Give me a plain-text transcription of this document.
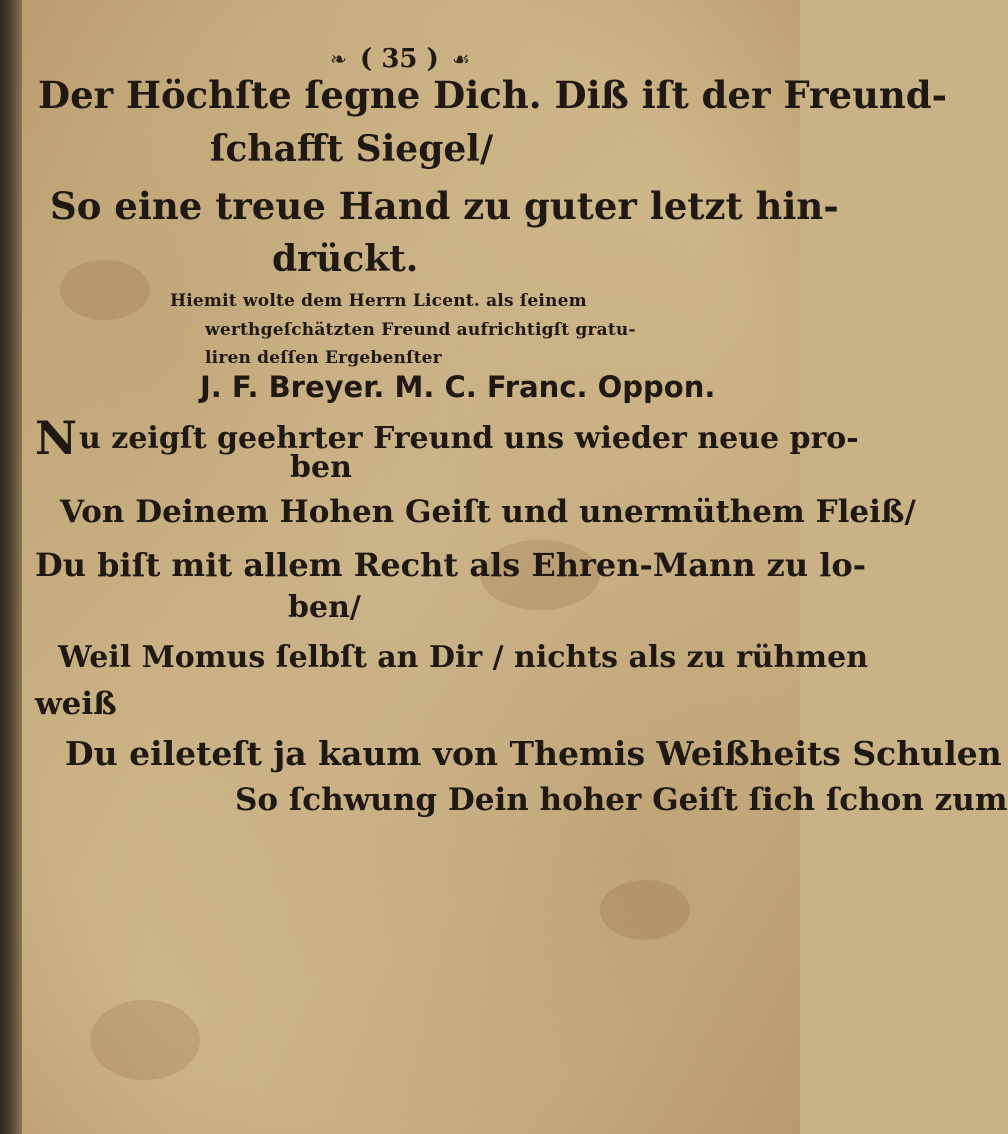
❧ ( 35 ) ☙
Der Höchſte ſegne Dich. Diß iſt der Freund-
ſchafft Siegel/
So eine treue Hand zu guter letzt hin-
drückt.
Hiemit wolte dem Herrn Licent. als ſeinem
werthgeſchätzten Freund aufrichtigſt gratu-
liren deſſen Ergebenſter
J. F. Breyer. M. C. Franc. Oppon.
Nu zeigſt geehrter Freund uns wieder neue pro-
ben
Von Deinem Hohen Geiſt und unermüthem Fleiß/
Du biſt mit allem Recht als Ehren-Mann zu lo-
ben/
Weil Momus ſelbſt an Dir / nichts als zu rühmen
weiß
Du eileteſt ja kaum von Themis Weißheits Schulen
So ſchwung Dein hoher Geiſt ſich ſchon zum
